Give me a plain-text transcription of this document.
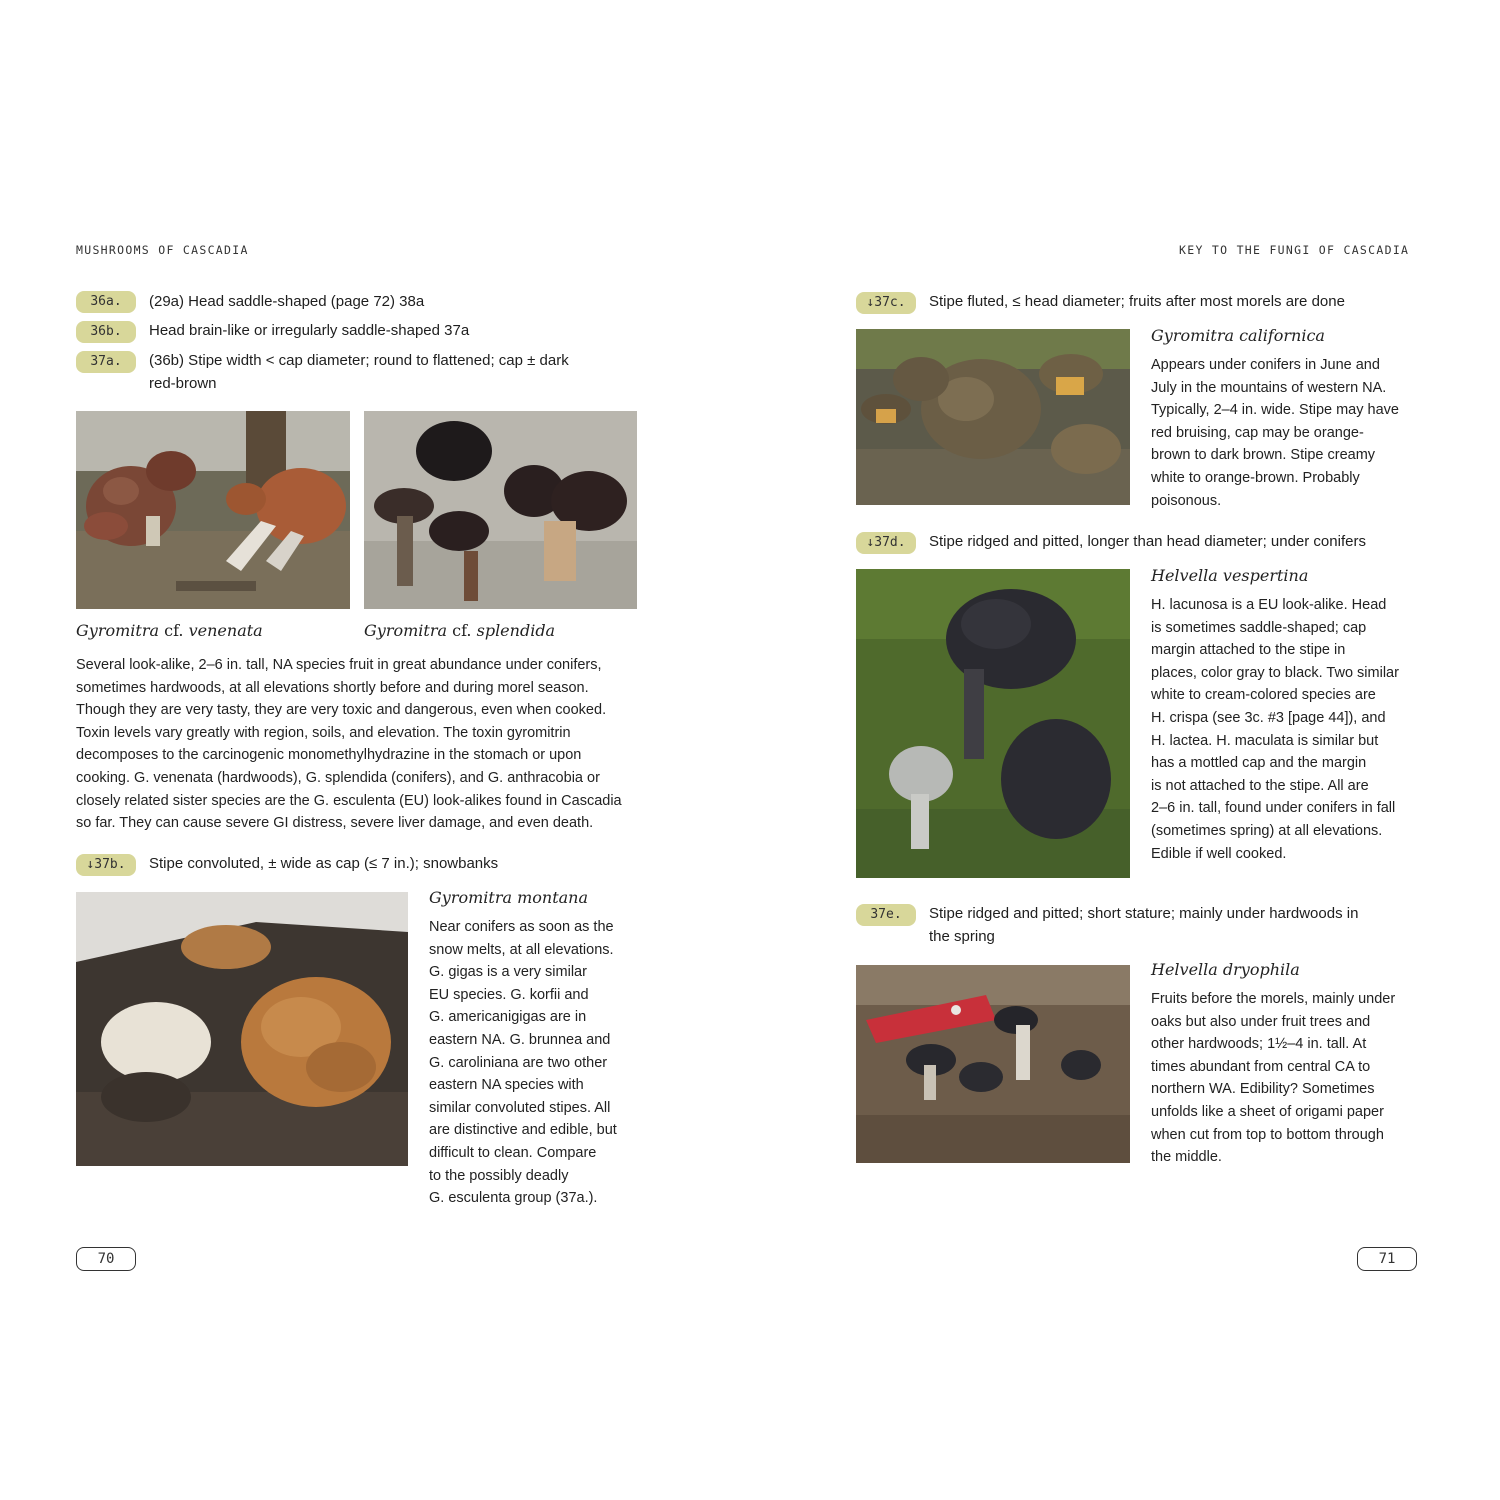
MUSHROOMS OF CASCADIA
36a.	(29a) Head saddle-shaped (page 72) 38a
36b.	Head brain-like or irregularly saddle-shaped 37a
37a.	(36b) Stipe width < cap diameter; round to flattened; cap ± dark
red-brown
Gyromitra cf. venenata	Gyromitra cf. splendida
Several look-alike, 2–6 in. tall, NA species fruit in great abundance under conifers,
sometimes hardwoods, at all elevations shortly before and during morel season.
Though they are very tasty, they are very toxic and dangerous, even when cooked.
Toxin levels vary greatly with region, soils, and elevation. The toxin gyromitrin
decomposes to the carcinogenic monomethylhydrazine in the stomach or upon
cooking. G. venenata (hardwoods), G. splendida (conifers), and G. anthracobia or
closely related sister species are the G. esculenta (EU) look-alikes found in Cascadia
so far. They can cause severe GI distress, severe liver damage, and even death.
↓37b.	Stipe convoluted, ± wide as cap (≤ 7 in.); snowbanks
Gyromitra montana
Near conifers as soon as the
snow melts, at all elevations.
G. gigas is a very similar
EU species. G. korfii and
G. americanigigas are in
eastern NA. G. brunnea and
G. caroliniana are two other
eastern NA species with
similar convoluted stipes. All
are distinctive and edible, but
difficult to clean. Compare
to the possibly deadly
G. esculenta group (37a.).
70
KEY TO THE FUNGI OF CASCADIA
↓37c.	Stipe fluted, ≤ head diameter; fruits after most morels are done
Gyromitra californica
Appears under conifers in June and
July in the mountains of western NA.
Typically, 2–4 in. wide. Stipe may have
red bruising, cap may be orange-
brown to dark brown. Stipe creamy
white to orange-brown. Probably
poisonous.
↓37d.	Stipe ridged and pitted, longer than head diameter; under conifers
Helvella vespertina
H. lacunosa is a EU look-alike. Head
is sometimes saddle-shaped; cap
margin attached to the stipe in
places, color gray to black. Two similar
white to cream-colored species are
H. crispa (see 3c. #3 [page 44]), and
H. lactea. H. maculata is similar but
has a mottled cap and the margin
is not attached to the stipe. All are
2–6 in. tall, found under conifers in fall
(sometimes spring) at all elevations.
Edible if well cooked.
37e.	Stipe ridged and pitted; short stature; mainly under hardwoods in
the spring
Helvella dryophila
Fruits before the morels, mainly under
oaks but also under fruit trees and
other hardwoods; 1½–4 in. tall. At
times abundant from central CA to
northern WA. Edibility? Sometimes
unfolds like a sheet of origami paper
when cut from top to bottom through
the middle.
71
